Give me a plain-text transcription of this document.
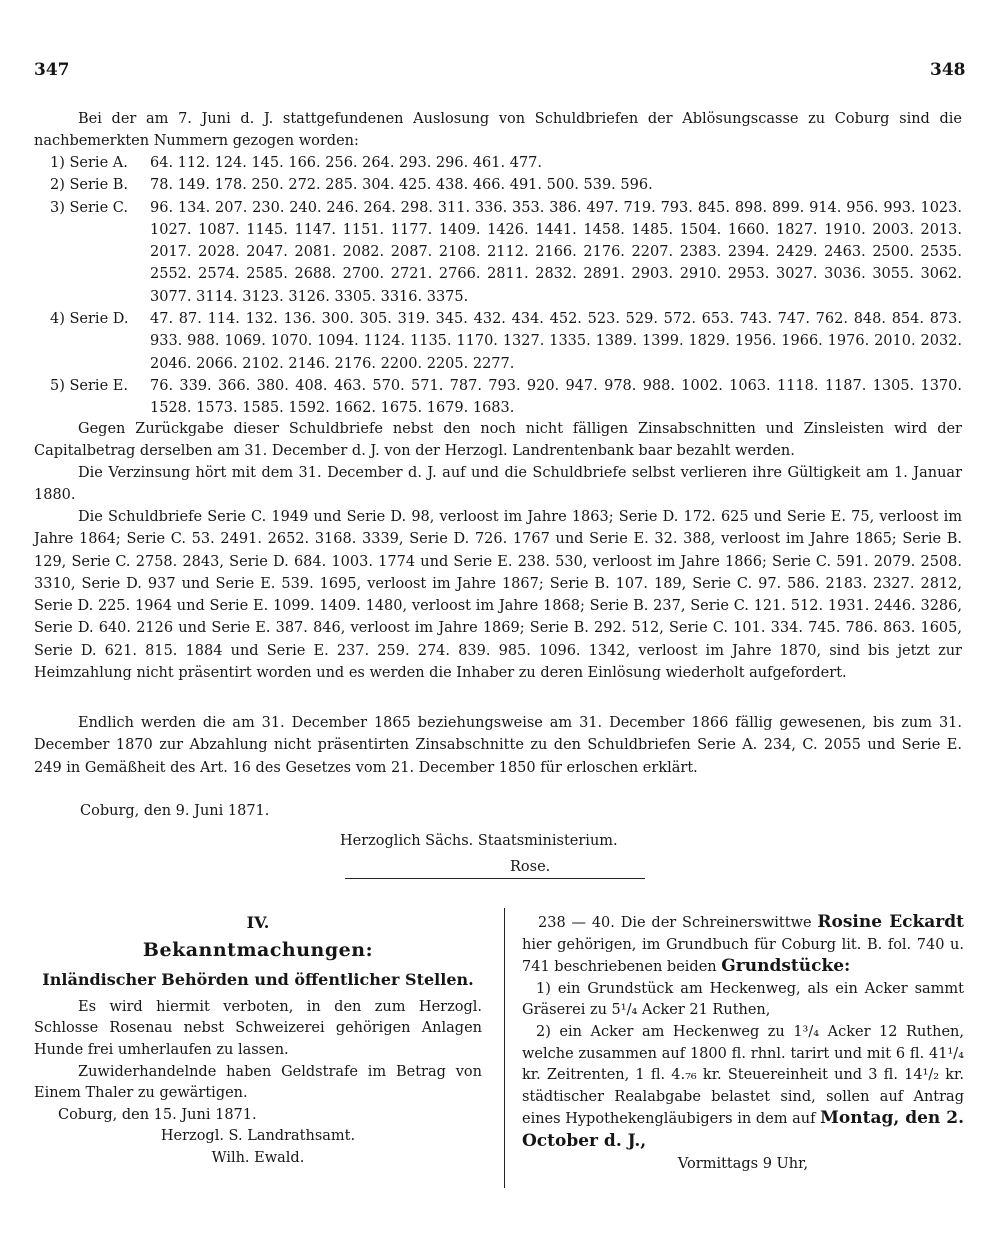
347	348

Bei der am 7. Juni d. J. stattgefundenen Auslosung von Schuldbriefen der Ablösungscasse zu Coburg sind die nachbemerkten Nummern gezogen worden:

1) Serie A.	64. 112. 124. 145. 166. 256. 264. 293. 296. 461. 477.
2) Serie B.	78. 149. 178. 250. 272. 285. 304. 425. 438. 466. 491. 500. 539. 596.
3) Serie C.	96. 134. 207. 230. 240. 246. 264. 298. 311. 336. 353. 386. 497. 719. 793. 845. 898. 899. 914. 956. 993. 1023. 1027. 1087. 1145. 1147. 1151. 1177. 1409. 1426. 1441. 1458. 1485. 1504. 1660. 1827. 1910. 2003. 2013. 2017. 2028. 2047. 2081. 2082. 2087. 2108. 2112. 2166. 2176. 2207. 2383. 2394. 2429. 2463. 2500. 2535. 2552. 2574. 2585. 2688. 2700. 2721. 2766. 2811. 2832. 2891. 2903. 2910. 2953. 3027. 3036. 3055. 3062. 3077. 3114. 3123. 3126. 3305. 3316. 3375.
4) Serie D.	47. 87. 114. 132. 136. 300. 305. 319. 345. 432. 434. 452. 523. 529. 572. 653. 743. 747. 762. 848. 854. 873. 933. 988. 1069. 1070. 1094. 1124. 1135. 1170. 1327. 1335. 1389. 1399. 1829. 1956. 1966. 1976. 2010. 2032. 2046. 2066. 2102. 2146. 2176. 2200. 2205. 2277.
5) Serie E.	76. 339. 366. 380. 408. 463. 570. 571. 787. 793. 920. 947. 978. 988. 1002. 1063. 1118. 1187. 1305. 1370. 1528. 1573. 1585. 1592. 1662. 1675. 1679. 1683.

Gegen Zurückgabe dieser Schuldbriefe nebst den noch nicht fälligen Zinsabschnitten und Zinsleisten wird der Capitalbetrag derselben am 31. December d. J. von der Herzogl. Landrentenbank baar bezahlt werden.

Die Verzinsung hört mit dem 31. December d. J. auf und die Schuldbriefe selbst verlieren ihre Gültigkeit am 1. Januar 1880.

Die Schuldbriefe Serie C. 1949 und Serie D. 98, verloost im Jahre 1863; Serie D. 172. 625 und Serie E. 75, verloost im Jahre 1864; Serie C. 53. 2491. 2652. 3168. 3339, Serie D. 726. 1767 und Serie E. 32. 388, verloost im Jahre 1865; Serie B. 129, Serie C. 2758. 2843, Serie D. 684. 1003. 1774 und Serie E. 238. 530, verloost im Jahre 1866; Serie C. 591. 2079. 2508. 3310, Serie D. 937 und Serie E. 539. 1695, verloost im Jahre 1867; Serie B. 107. 189, Serie C. 97. 586. 2183. 2327. 2812, Serie D. 225. 1964 und Serie E. 1099. 1409. 1480, verloost im Jahre 1868; Serie B. 237, Serie C. 121. 512. 1931. 2446. 3286, Serie D. 640. 2126 und Serie E. 387. 846, verloost im Jahre 1869; Serie B. 292. 512, Serie C. 101. 334. 745. 786. 863. 1605, Serie D. 621. 815. 1884 und Serie E. 237. 259. 274. 839. 985. 1096. 1342, verloost im Jahre 1870, sind bis jetzt zur Heimzahlung nicht präsentirt worden und es werden die Inhaber zu deren Einlösung wiederholt aufgefordert.

Endlich werden die am 31. December 1865 beziehungsweise am 31. December 1866 fällig gewesenen, bis zum 31. December 1870 zur Abzahlung nicht präsentirten Zinsabschnitte zu den Schuldbriefen Serie A. 234, C. 2055 und Serie E. 249 in Gemäßheit des Art. 16 des Gesetzes vom 21. December 1850 für erloschen erklärt.

Coburg, den 9. Juni 1871.
Herzoglich Sächs. Staatsministerium.
Rose.
IV.
Bekanntmachungen:
Inländischer Behörden und öffentlicher Stellen.

Es wird hiermit verboten, in den zum Herzogl. Schlosse Rosenau nebst Schweizerei gehörigen Anlagen Hunde frei umherlaufen zu lassen.

Zuwiderhandelnde haben Geldstrafe im Betrag von Einem Thaler zu gewärtigen.

Coburg, den 15. Juni 1871.

Herzogl. S. Landrathsamt.

Wilh. Ewald.

238 — 40. Die der Schreinerswittwe Rosine Eckardt hier gehörigen, im Grundbuch für Coburg lit. B. fol. 740 u. 741 beschriebenen beiden Grundstücke:

1) ein Grundstück am Heckenweg, als ein Acker sammt Gräserei zu 5¹/₄ Acker 21 Ruthen,

2) ein Acker am Heckenweg zu 1³/₄ Acker 12 Ruthen, welche zusammen auf 1800 fl. rhnl. tarirt und mit 6 fl. 41¹/₄ kr. Zeitrenten, 1 fl. 4.₇₆ kr. Steuereinheit und 3 fl. 14¹/₂ kr. städtischer Realabgabe belastet sind, sollen auf Antrag eines Hypothekengläubigers in dem auf Montag, den 2. October d. J.,

Vormittags 9 Uhr,
